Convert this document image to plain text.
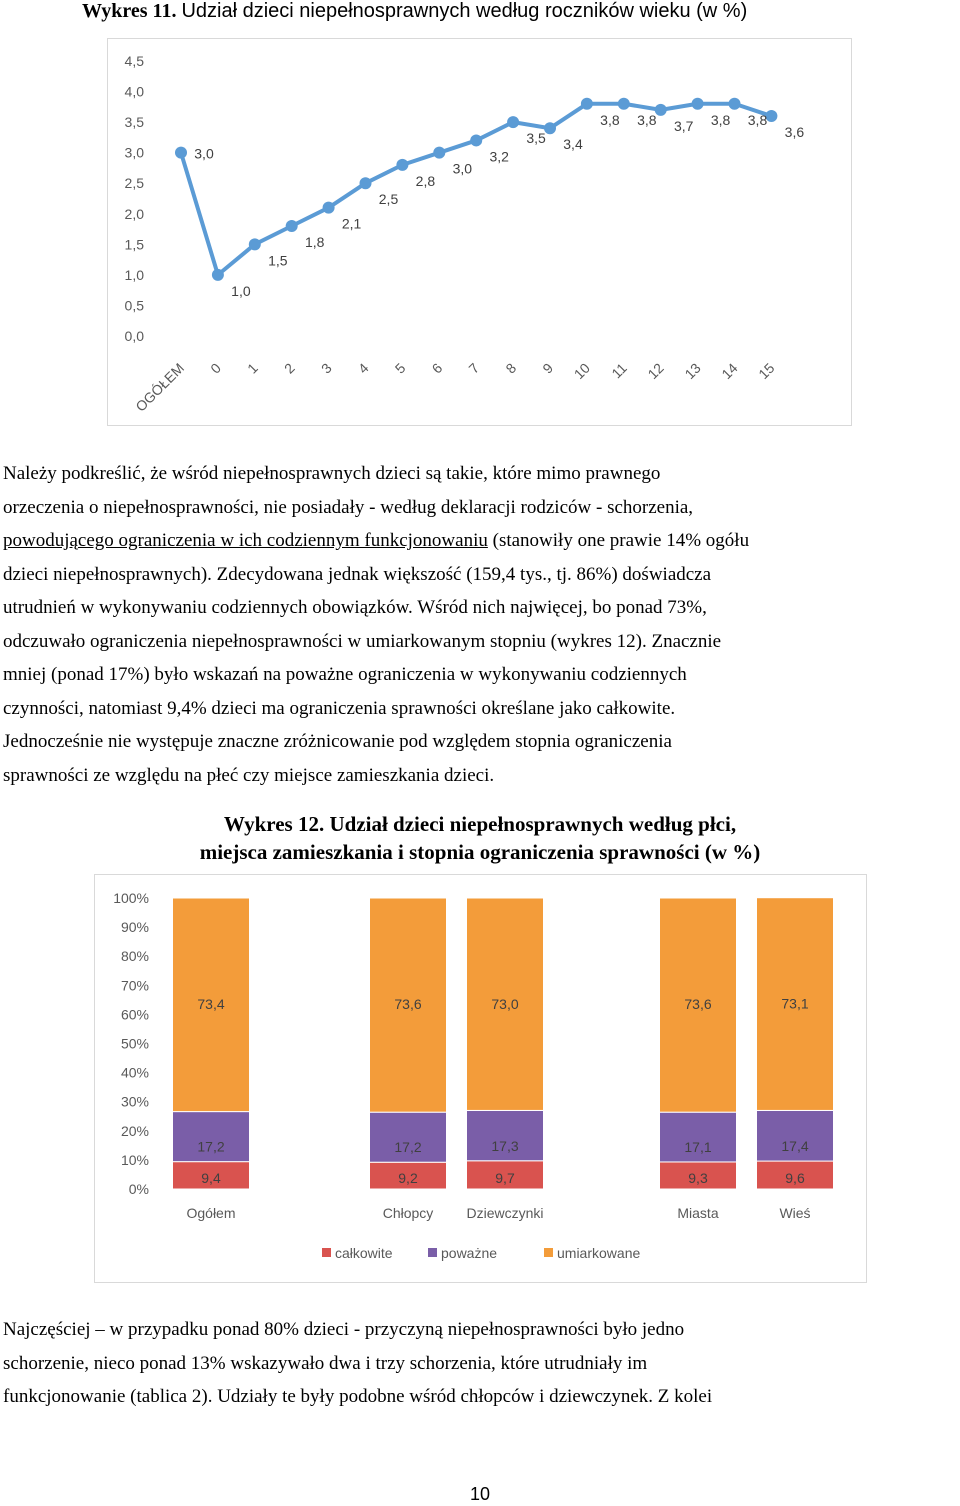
Wykres 11. Udział dzieci niepełnosprawnych według roczników wieku (w %)
0,0
0,5
1,0
1,5
2,0
2,5
3,0
3,5
4,0
4,5
OGÓŁEM 0 1 2 3 4 5 6 7 8 9 10 11 12 13 14 15
3,0
1,0
1,5
1,8
2,1
2,5
2,8
3,0
3,2
3,5 3,4
3,8 3,8 3,7 3,8 3,8
3,6

Należy podkreślić, że wśród niepełnosprawnych dzieci są takie, które mimo prawnego

orzeczenia o niepełnosprawności, nie posiadały - według deklaracji rodziców - schorzenia,

powodującego ograniczenia w ich codziennym funkcjonowaniu (stanowiły one prawie 14% ogółu

dzieci niepełnosprawnych). Zdecydowana jednak większość (159,4 tys., tj. 86%) doświadcza

utrudnień w wykonywaniu codziennych obowiązków. Wśród nich najwięcej, bo ponad 73%,

odczuwało ograniczenia niepełnosprawności w umiarkowanym stopniu (wykres 12). Znacznie

mniej (ponad 17%) było wskazań na poważne ograniczenia w wykonywaniu codziennych

czynności, natomiast 9,4% dzieci ma ograniczenia sprawności określane jako całkowite.

Jednocześnie nie występuje znaczne zróżnicowanie pod względem stopnia ograniczenia

sprawności ze względu na płeć czy miejsce zamieszkania dzieci.

Wykres 12. Udział dzieci niepełnosprawnych według płci,
miejsca zamieszkania i stopnia ograniczenia sprawności (w %)
0%
10%
20%
30%
40%
50%
60%
70%
80%
90%
100%
9,4
17,2
73,4
Ogółem
9,2
17,2
73,6
Chłopcy
9,7
17,3
73,0
Dziewczynki
9,3
17,1
73,6
Miasta
9,6
17,4
73,1
Wieś
całkowite	poważne	umiarkowane

Najczęściej – w przypadku ponad 80% dzieci - przyczyną niepełnosprawności było jedno

schorzenie, nieco ponad 13% wskazywało dwa i trzy schorzenia, które utrudniały im

funkcjonowanie (tablica 2). Udziały te były podobne wśród chłopców i dziewczynek. Z kolei

10
